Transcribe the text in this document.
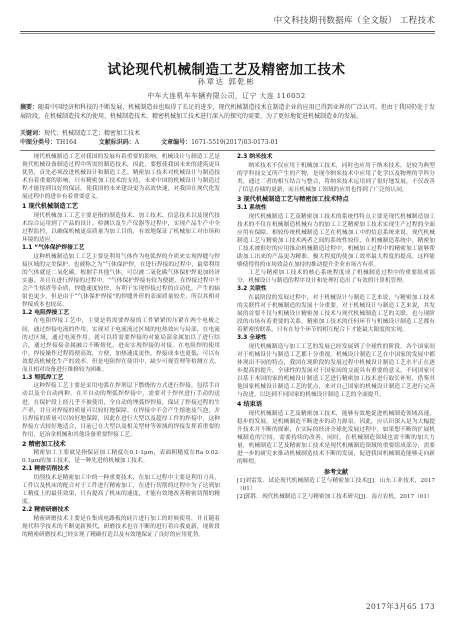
中文科技期刊数据库（全文版） 工程技术
试论现代机械制造工艺及精密加工技术
孙章达 郭乾彬
中车大连机车车辆有限公司，辽宁 大连 116052
摘要：随着中国经济和科技的不断发展，机械制造业也取得了长足的进步，现代机械制造技术在制造企业的应用已得到业界的广泛认可。但由于我国仍处于发展阶段，在机械制造技术的使用、机械制造技术、精密机械加工技术进行深入的探究的需要，为了更好地促进机械制造业的发展。
关键词：现代；机械制造工艺；精密加工技术
中图分类号：TH164	文献标识码：A	文章编号：1671-5519(2017)03-0173-01

现代机械制造工艺对我国的发展有着重要的影响，机械设计与制造工艺是现代机械设备制造过程中所需的制造技术，因此，要想使我国未来的建筑更具优势，首先必须改进机械设计和制造工艺。精密加工技术对机械设计与制造技术有着重要的影响，只有精密加工技术的支持，未来中国的机械设计与制造过程才能得到良好的保证。使我国的未来建设更为高效快速，对我国在现代化发展过程中的进步有着重要意义。

1 现代机械制造工艺

现代机械加工工艺主要是指的制造技术、加工技术、信息技术以及现代技术综合运用到了产品的设计、检测以及生产仪器等过程中，实现产品生产中全过程监控，以确保机械更高质量为加工目的，有效地保证了机械加工对市场和环境的适应。

1.1 “气体保护焊接工艺

这种机械制造加工工艺主要是利用气体作为电弧焊的介质来实现焊缝与焊接区域的完美保护。也被称之为“气体保护焊，在进行焊接的过程中，最常利用的气体就是二氧化碳。根据手其他气体，可以被二氧化碳气体保护焊更加经济实惠，并且在进行焊接的过程中。“气体保护焊接有较为便捷、在焊接过程中不会产生熔渣等杂质，焊缝速度较快，有利于实现焊接过程的自动化。产生的辐射也更少，但是由于“气体保护焊接”的焊缝外形的表面质量较差，所以其相对焊接成本也较高。

1.2 电阻焊接工艺

在电阻焊接工艺中，主要是将需要焊接的工件紧紧的压紧在两个电极之间，通过焊接电流的作用，实现对于电流流过区域的电热效应与局部，在电流的过区域，通过电流作用，就可以将需要焊接的对象局部金属加以了进行结合，通过焊接接金属融合不断熔化，进而实现焊接的对接。在电阻焊的使用中，焊接操作过程简便高效，方便，加热速度更快，焊接成本也更低，可以有效提高机械化生产的效率。但是电阻焊在使用中，缺少可视管理等检测方式，而且相对设备进行维修较为困难。

1.3 埋弧焊工艺

这种焊接工艺主要是采用电弧在焊剂层下燃烧的方式进行焊接，包括手自动以及全自动两种。在半自动的埋弧焊焊接中，需要对于焊丝进行手动的送进，在保护段上经几乎不被使用，全自动的埋弧焊焊接，保证了焊接过程的生产率，并且对焊接的质量可以较好地保障。在焊接中不会产生熔池及气泡，并且焊接的质量可以较好地保障，因此在进行大型以及超厚工件的焊接中，这种焊接方式较好地适合，目前已在大型以及相关型材等领域的焊接发挥着重要的作用，是冶金机械和其他设备重要焊接工艺。

2 精密加工技术

精密加工主要就是指保证加工精度在0.1-1μm，表面粗糙度在Ra 0.02-0.1μm的加工技术，是一种先进的机械加工技术。

2.1 精密切削技术

切削技术是精密加工中的一种重要技术，在加工过程中主要是利用刀具，工件以及机床的配合对于工件进行精密加工，在进行切削的过程中为了达到加工精度上的最佳效果，只有提高了机床的速度，才能有效地改善精密切削的精度。

2.2 精密研磨技术

精密研磨技术主要是在集成电路板的硅片进行加工的时候使用，并且随着现代科学技术的不断更新换代，研磨技术也在不断的进行着自我更新，现阶段的精密研磨技术已经实现了精确打造以及有效地保证了良好的应用优势。

2.3 纳米技术

纳米技术不仅应用于机械加工技术，同时也应用于纳米技术。是较为典型的学科间交叉所产生的产物，是现今纳米技术中应用了化学以及物理的学科分类，通过二者的相互结合与整合，将纳米技术运用到了很好地发展，不仅改善了信息存储的更新，而且机械加工领域的应用也得到了广泛的认同。

3 现代机械制造工艺与精密加工技术特点
3.1 系统性

现代机械制造工艺及精密加工技术的系统性特点主要是现代机械制造加工技术的不仅在机械制造机械有力的加工工艺精密加工技术实现生产过程的全面应用有保障，相较传统机械制造工艺在机械加工中的信息系统来说，现代机械制造工艺与精密加工技术两者之间的系统性较佳，在机械制造系统中，精密加工技术被很好的应用推动机械制造过程中，机械加工过程中的精密加工能够帮助加工出来的产品更为精准。极大程度的使加工效率最大程度的提高，这样能够使得得的市场效益在加持的推动提升企业市场占有率。

工艺与精密加工技术的核心系统程度成了机械制造过程中的重要组成部分，机械设计与制造的程序设计和处理打造出了有效的计算机管理。

3.2 关联性

在最阶段的发展过程中，对于机械设计与制造工艺来说，与精密加工技术的关联性对于机械制造的发展十分重要，对于机械设计与制造工艺来说，其发展的首要不仅与机械设计精密加工技术与现代机械制造工艺的关联，也与现阶段的市场有着重要的关系，精密加工技术的任何环节与机械设计制造工艺都有着紧密的联系，只有在每个环节的相互配合下才能最大限度的实现。

3.3 全球性

现代机械制造与加工工艺的发展已经发展到了全球性的阶段，各个国家间对于机械设计与制造工艺都十分重视。机械设计制造工艺在中国家的发展中都体现出不同的特点，我国在现阶段的发展过程中机械设计制造工艺水平正在逐步提高的提升，全球性的发展对于国家间的交流具有重要的意义，不同国家可以基于本国的家的机械设计制造工艺进行精密加工技术进行取长补短，借鉴其他国家机械设计制造工艺的优点，来对自己国家的机械设计制造工艺进行完善与改进，以达到不同国家的机械设计制造工艺的全面提升。

4 结束语

现代机械制造工艺及精密加工技术，能够有效地促进机械制造领域高速、稳步的发展，是机械制造不断进步的动力源泉。因此，应认识深入是为大幅提升技术并不断的探索，在实际的经济全球化发展过程中，如果想不断的扩展机械制造的空间，需要持续的改善，同时，在机械制造领域也需不断的加大力量，机械制造工艺及精密加工技术是现代机械制造领域的重要组成部分，需要进一步的研究来推动机械制造技术不断的发展，促进我国机械制造能够走向新的辉煌。

参考文献

[1]刘雷发．试论现代机械制造工艺与精密加工技术[J]．山东工业技术，2017（01）

[2]郭胜．现代机械制造工艺与精密加工技术研究[J]．南方农机，2017（01）

2017年3月65 173
